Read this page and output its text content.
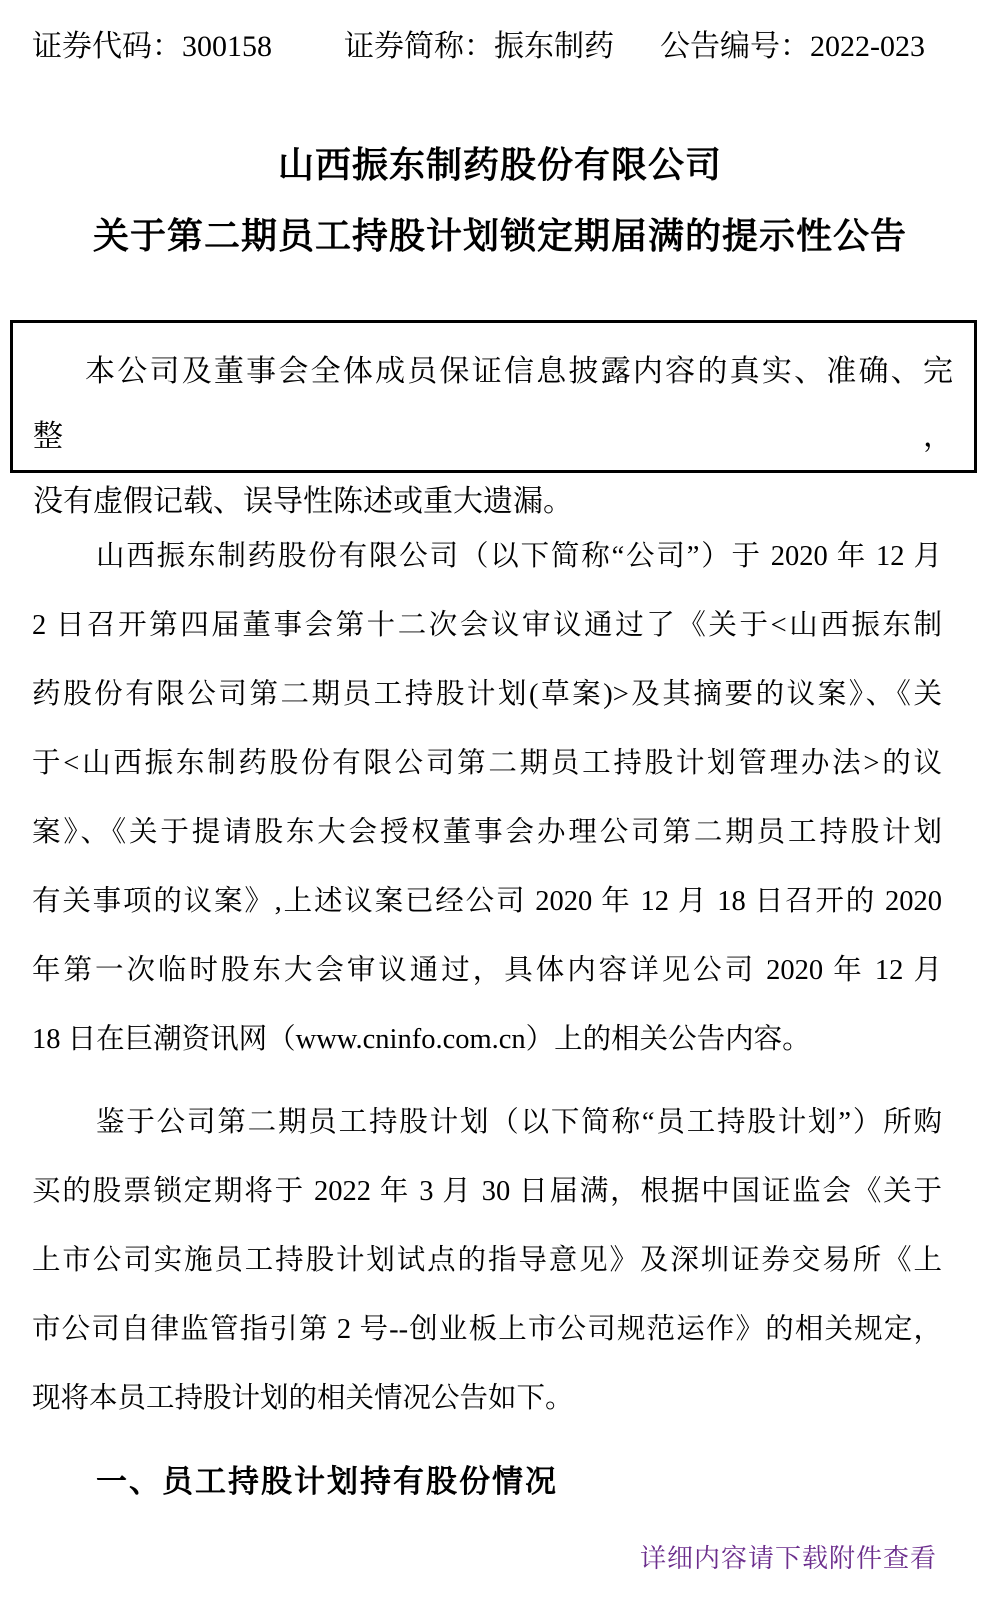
证券代码：300158 证券简称：振东制药 公告编号：2022-023
山西振东制药股份有限公司
关于第二期员工持股计划锁定期届满的提示性公告
本公司及董事会全体成员保证信息披露内容的真实、准确、完整，
没有虚假记载、误导性陈述或重大遗漏。
山西振东制药股份有限公司（以下简称“公司”）于 2020 年 12 月
2 日召开第四届董事会第十二次会议审议通过了《关于<山西振东制
药股份有限公司第二期员工持股计划(草案)>及其摘要的议案》、《关
于<山西振东制药股份有限公司第二期员工持股计划管理办法>的议
案》、《关于提请股东大会授权董事会办理公司第二期员工持股计划
有关事项的议案》,上述议案已经公司 2020 年 12 月 18 日召开的 2020
年第一次临时股东大会审议通过，具体内容详见公司 2020 年 12 月
18 日在巨潮资讯网（www.cninfo.com.cn）上的相关公告内容。
鉴于公司第二期员工持股计划（以下简称“员工持股计划”）所购
买的股票锁定期将于 2022 年 3 月 30 日届满，根据中国证监会《关于
上市公司实施员工持股计划试点的指导意见》及深圳证券交易所《上
市公司自律监管指引第 2 号--创业板上市公司规范运作》的相关规定，
现将本员工持股计划的相关情况公告如下。
一、员工持股计划持有股份情况
详细内容请下载附件查看
